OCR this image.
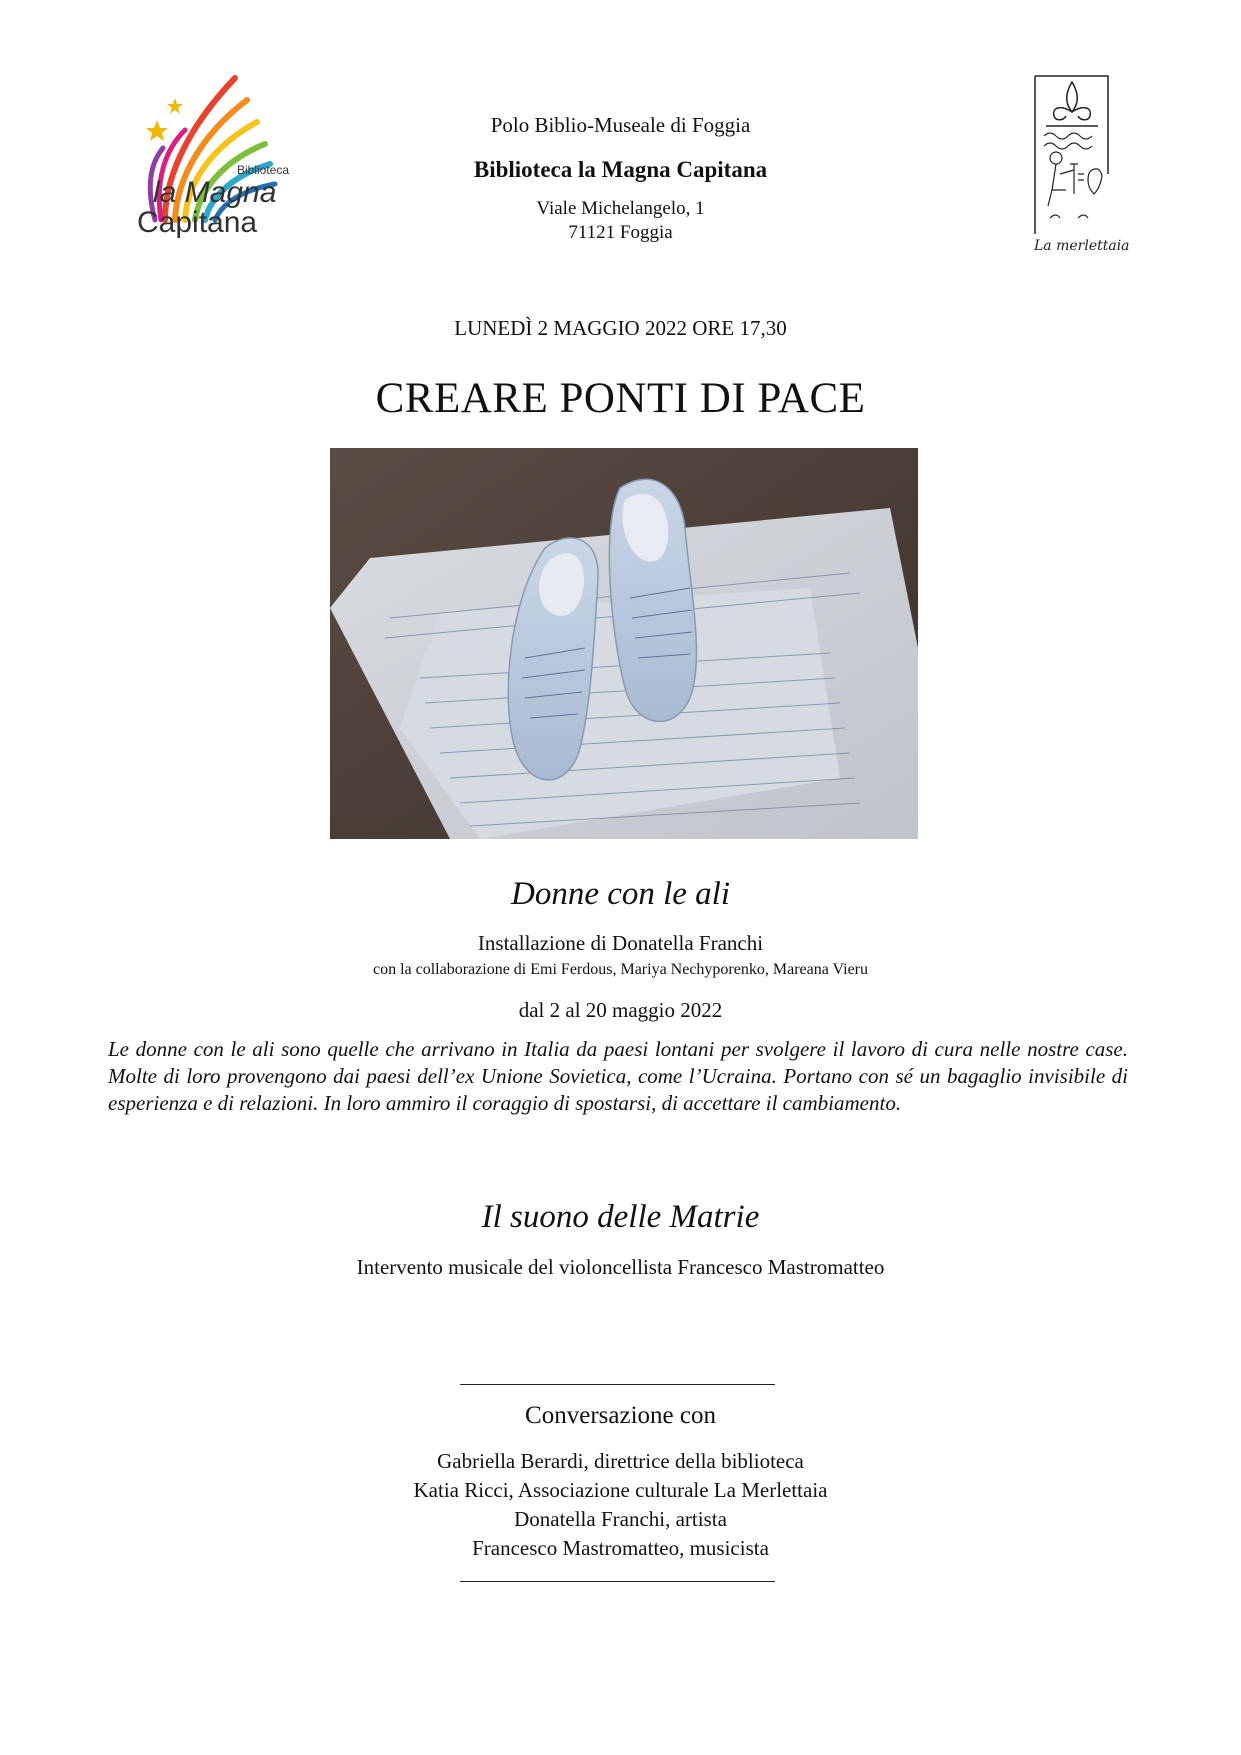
Biblioteca
la Magna
Capitana
La merlettaia
Polo Biblio-Museale di Foggia
Biblioteca la Magna Capitana
Viale Michelangelo, 1
71121 Foggia
LUNEDÌ 2 MAGGIO 2022 ORE 17,30
CREARE PONTI DI PACE
Donne con le ali
Installazione di Donatella Franchi
con la collaborazione di Emi Ferdous, Mariya Nechyporenko, Mareana Vieru
dal 2 al 20 maggio 2022
Le donne con le ali sono quelle che arrivano in Italia da paesi lontani per svolgere il lavoro di cura nelle nostre case. Molte di loro provengono dai paesi dell’ex Unione Sovietica, come l’Ucraina. Portano con sé un bagaglio invisibile di esperienza e di relazioni. In loro ammiro il coraggio di spostarsi, di accettare il cambiamento.
Il suono delle Matrie
Intervento musicale del violoncellista Francesco Mastromatteo
Conversazione con
Gabriella Berardi, direttrice della biblioteca
Katia Ricci, Associazione culturale La Merlettaia
Donatella Franchi, artista
Francesco Mastromatteo, musicista
